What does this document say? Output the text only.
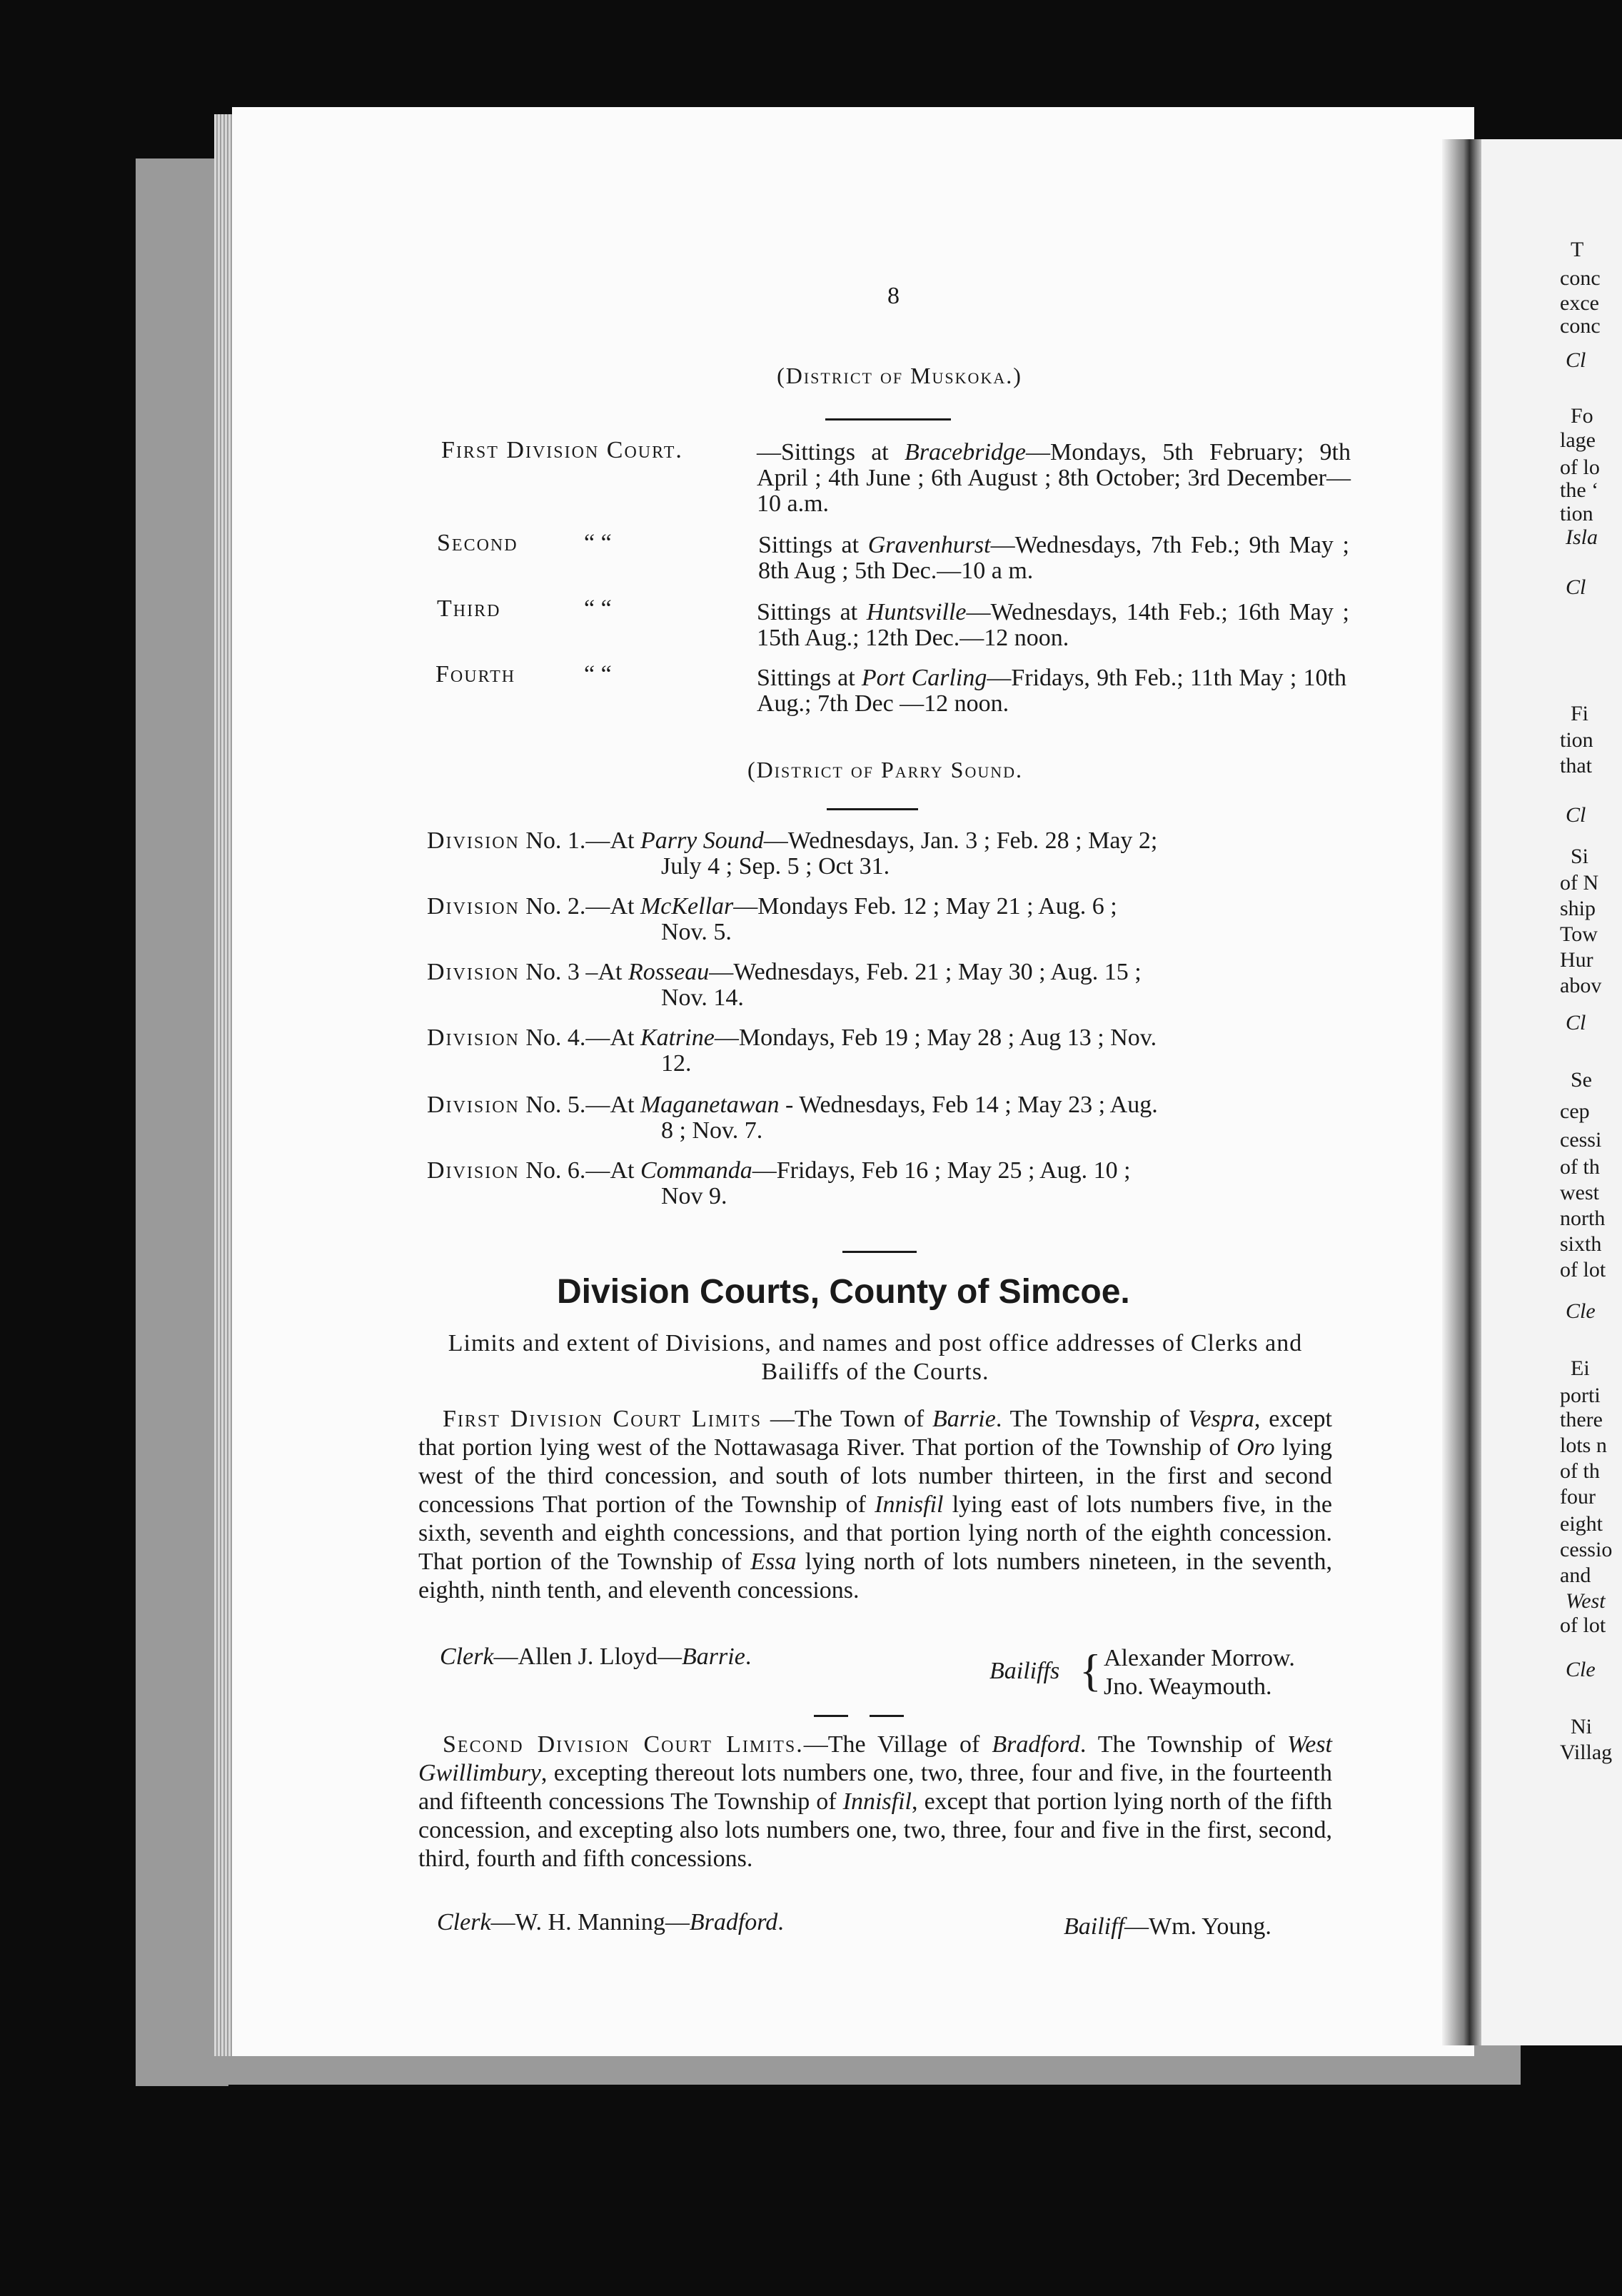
8
(District of Muskoka.)
First Division Court.	—Sittings at Bracebridge—Mondays, 5th February; 9th April ; 4th June ; 6th August ; 8th October; 3rd December—10 a.m.
Second	“ “	Sittings at Gravenhurst—Wednesdays, 7th Feb.; 9th May ; 8th Aug ; 5th Dec.—10 a m.
Third	“ “	Sittings at Huntsville—Wednesdays, 14th Feb.; 16th May ; 15th Aug.; 12th Dec.—12 noon.
Fourth	“ “	Sittings at Port Carling—Fridays, 9th Feb.; 11th May ; 10th Aug.; 7th Dec —12 noon.
(District of Parry Sound.
Division No. 1.—At Parry Sound—Wednesdays, Jan. 3 ; Feb. 28 ; May 2;
July 4 ; Sep. 5 ; Oct 31.
Division No. 2.—At McKellar—Mondays Feb. 12 ; May 21 ; Aug. 6 ;
Nov. 5.
Division No. 3 –At Rosseau—Wednesdays, Feb. 21 ; May 30 ; Aug. 15 ;
Nov. 14.
Division No. 4.—At Katrine—Mondays, Feb 19 ; May 28 ; Aug 13 ; Nov.
12.
Division No. 5.—At Maganetawan - Wednesdays, Feb 14 ; May 23 ; Aug.
8 ; Nov. 7.
Division No. 6.—At Commanda—Fridays, Feb 16 ; May 25 ; Aug. 10 ;
Nov 9.
Division Courts, County of Simcoe.
Limits and extent of Divisions, and names and post office addresses of Clerks and Bailiffs of the Courts.
First Division Court Limits —The Town of Barrie. The Township of Vespra, except that portion lying west of the Nottawasaga River. That portion of the Township of Oro lying west of the third concession, and south of lots number thirteen, in the first and second concessions That portion of the Township of Innisfil lying east of lots numbers five, in the sixth, seventh and eighth concessions, and that portion lying north of the eighth concession. That portion of the Township of Essa lying north of lots numbers nineteen, in the seventh, eighth, ninth tenth, and eleventh concessions.
Clerk—Allen J. Lloyd—Barrie.
Bailiffs { Alexander Morrow.
Jno. Weaymouth.
Second Division Court Limits.—The Village of Bradford. The Township of West Gwillimbury, excepting thereout lots numbers one, two, three, four and five, in the fourteenth and fifteenth concessions The Township of Innisfil, except that portion lying north of the fifth concession, and excepting also lots numbers one, two, three, four and five in the first, second, third, fourth and fifth concessions.
Clerk—W. H. Manning—Bradford.	Bailiff—Wm. Young.
T
conc
exce
conc
Cl
Fo
lage
of lo
the ‘
tion
Isla
Cl
Fi
tion
that
Cl
Si
of N
ship
Tow
Hur
abov
Cl
Se
cep
cessi
of th
west
north
sixth
of lot
Cle
Ei
porti
there
lots n
of th
four
eight
cessio
and
West
of lot
Cle
Ni
Villag
